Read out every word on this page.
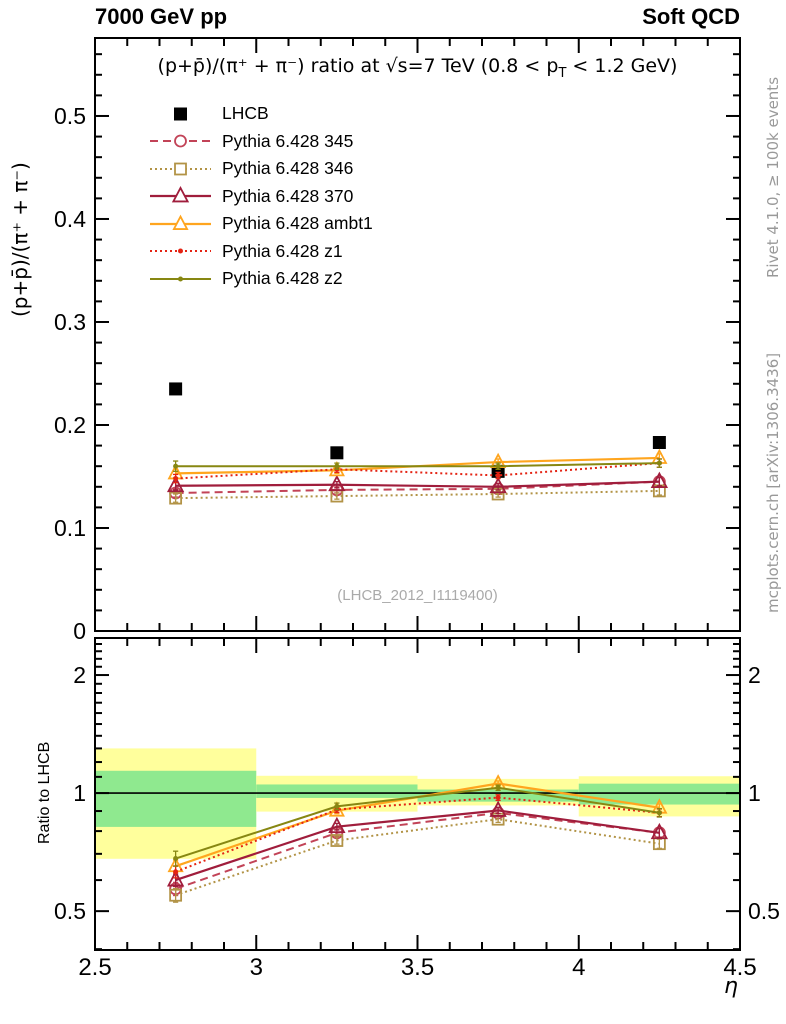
7000 GeV pp	Soft QCD
(p+p̄)/(π⁺ + π⁻) ratio at √s=7 TeV ($0.8 < p_T < 1.2$ GeV)
(p+p̄)/(π⁺ + π⁻)
Ratio to LHCB
Rivet 4.1.0, ≥ 100k events
mcplots.cern.ch [arXiv:1306.3436]
(LHCB_2012_I1119400)
LHCB
Pythia 6.428 345
Pythia 6.428 346
Pythia 6.428 370
Pythia 6.428 ambt1
Pythia 6.428 z1
Pythia 6.428 z2
η
2.5	3	3.5	4	4.5
0
0.1
0.2
0.3
0.4
0.5
0.5	0.5
1	1
2	2
